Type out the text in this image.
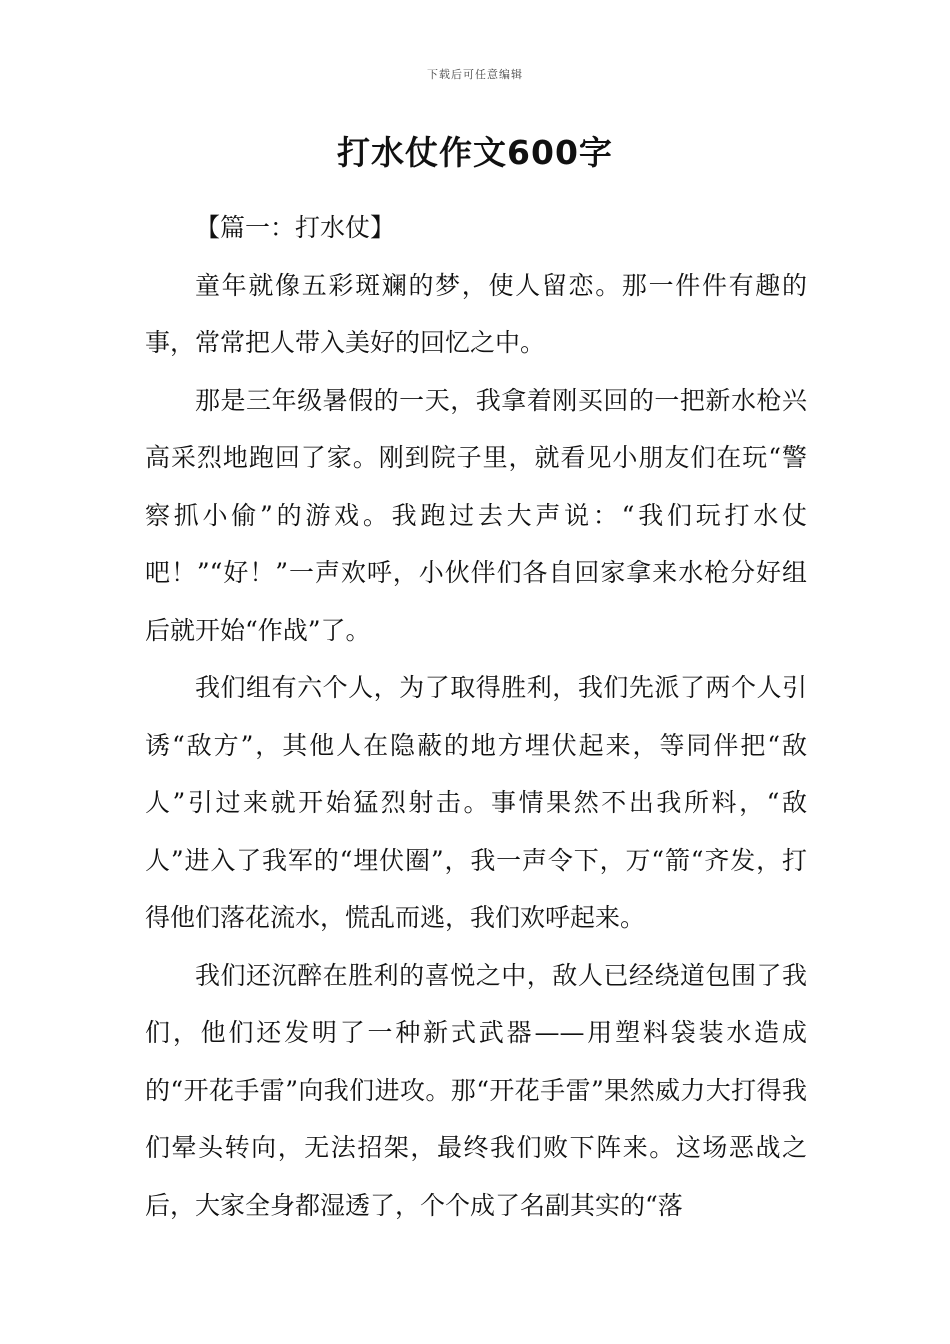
下载后可任意编辑
打水仗作文600字

【篇一：打水仗】

童年就像五彩斑斓的梦，使人留恋。那一件件有趣的事，常常把人带入美好的回忆之中。

那是三年级暑假的一天，我拿着刚买回的一把新水枪兴高采烈地跑回了家。刚到院子里，就看见小朋友们在玩“警察抓小偷”的游戏。我跑过去大声说：“我们玩打水仗吧！”“好！”一声欢呼，小伙伴们各自回家拿来水枪分好组后就开始“作战”了。

我们组有六个人，为了取得胜利，我们先派了两个人引诱“敌方”，其他人在隐蔽的地方埋伏起来，等同伴把“敌人”引过来就开始猛烈射击。事情果然不出我所料，“敌人”进入了我军的“埋伏圈”，我一声令下，万“箭“齐发，打得他们落花流水，慌乱而逃，我们欢呼起来。

我们还沉醉在胜利的喜悦之中，敌人已经绕道包围了我们，他们还发明了一种新式武器——用塑料袋装水造成的“开花手雷”向我们进攻。那“开花手雷”果然威力大打得我们晕头转向，无法招架，最终我们败下阵来。这场恶战之后，大家全身都湿透了，个个成了名副其实的“落
